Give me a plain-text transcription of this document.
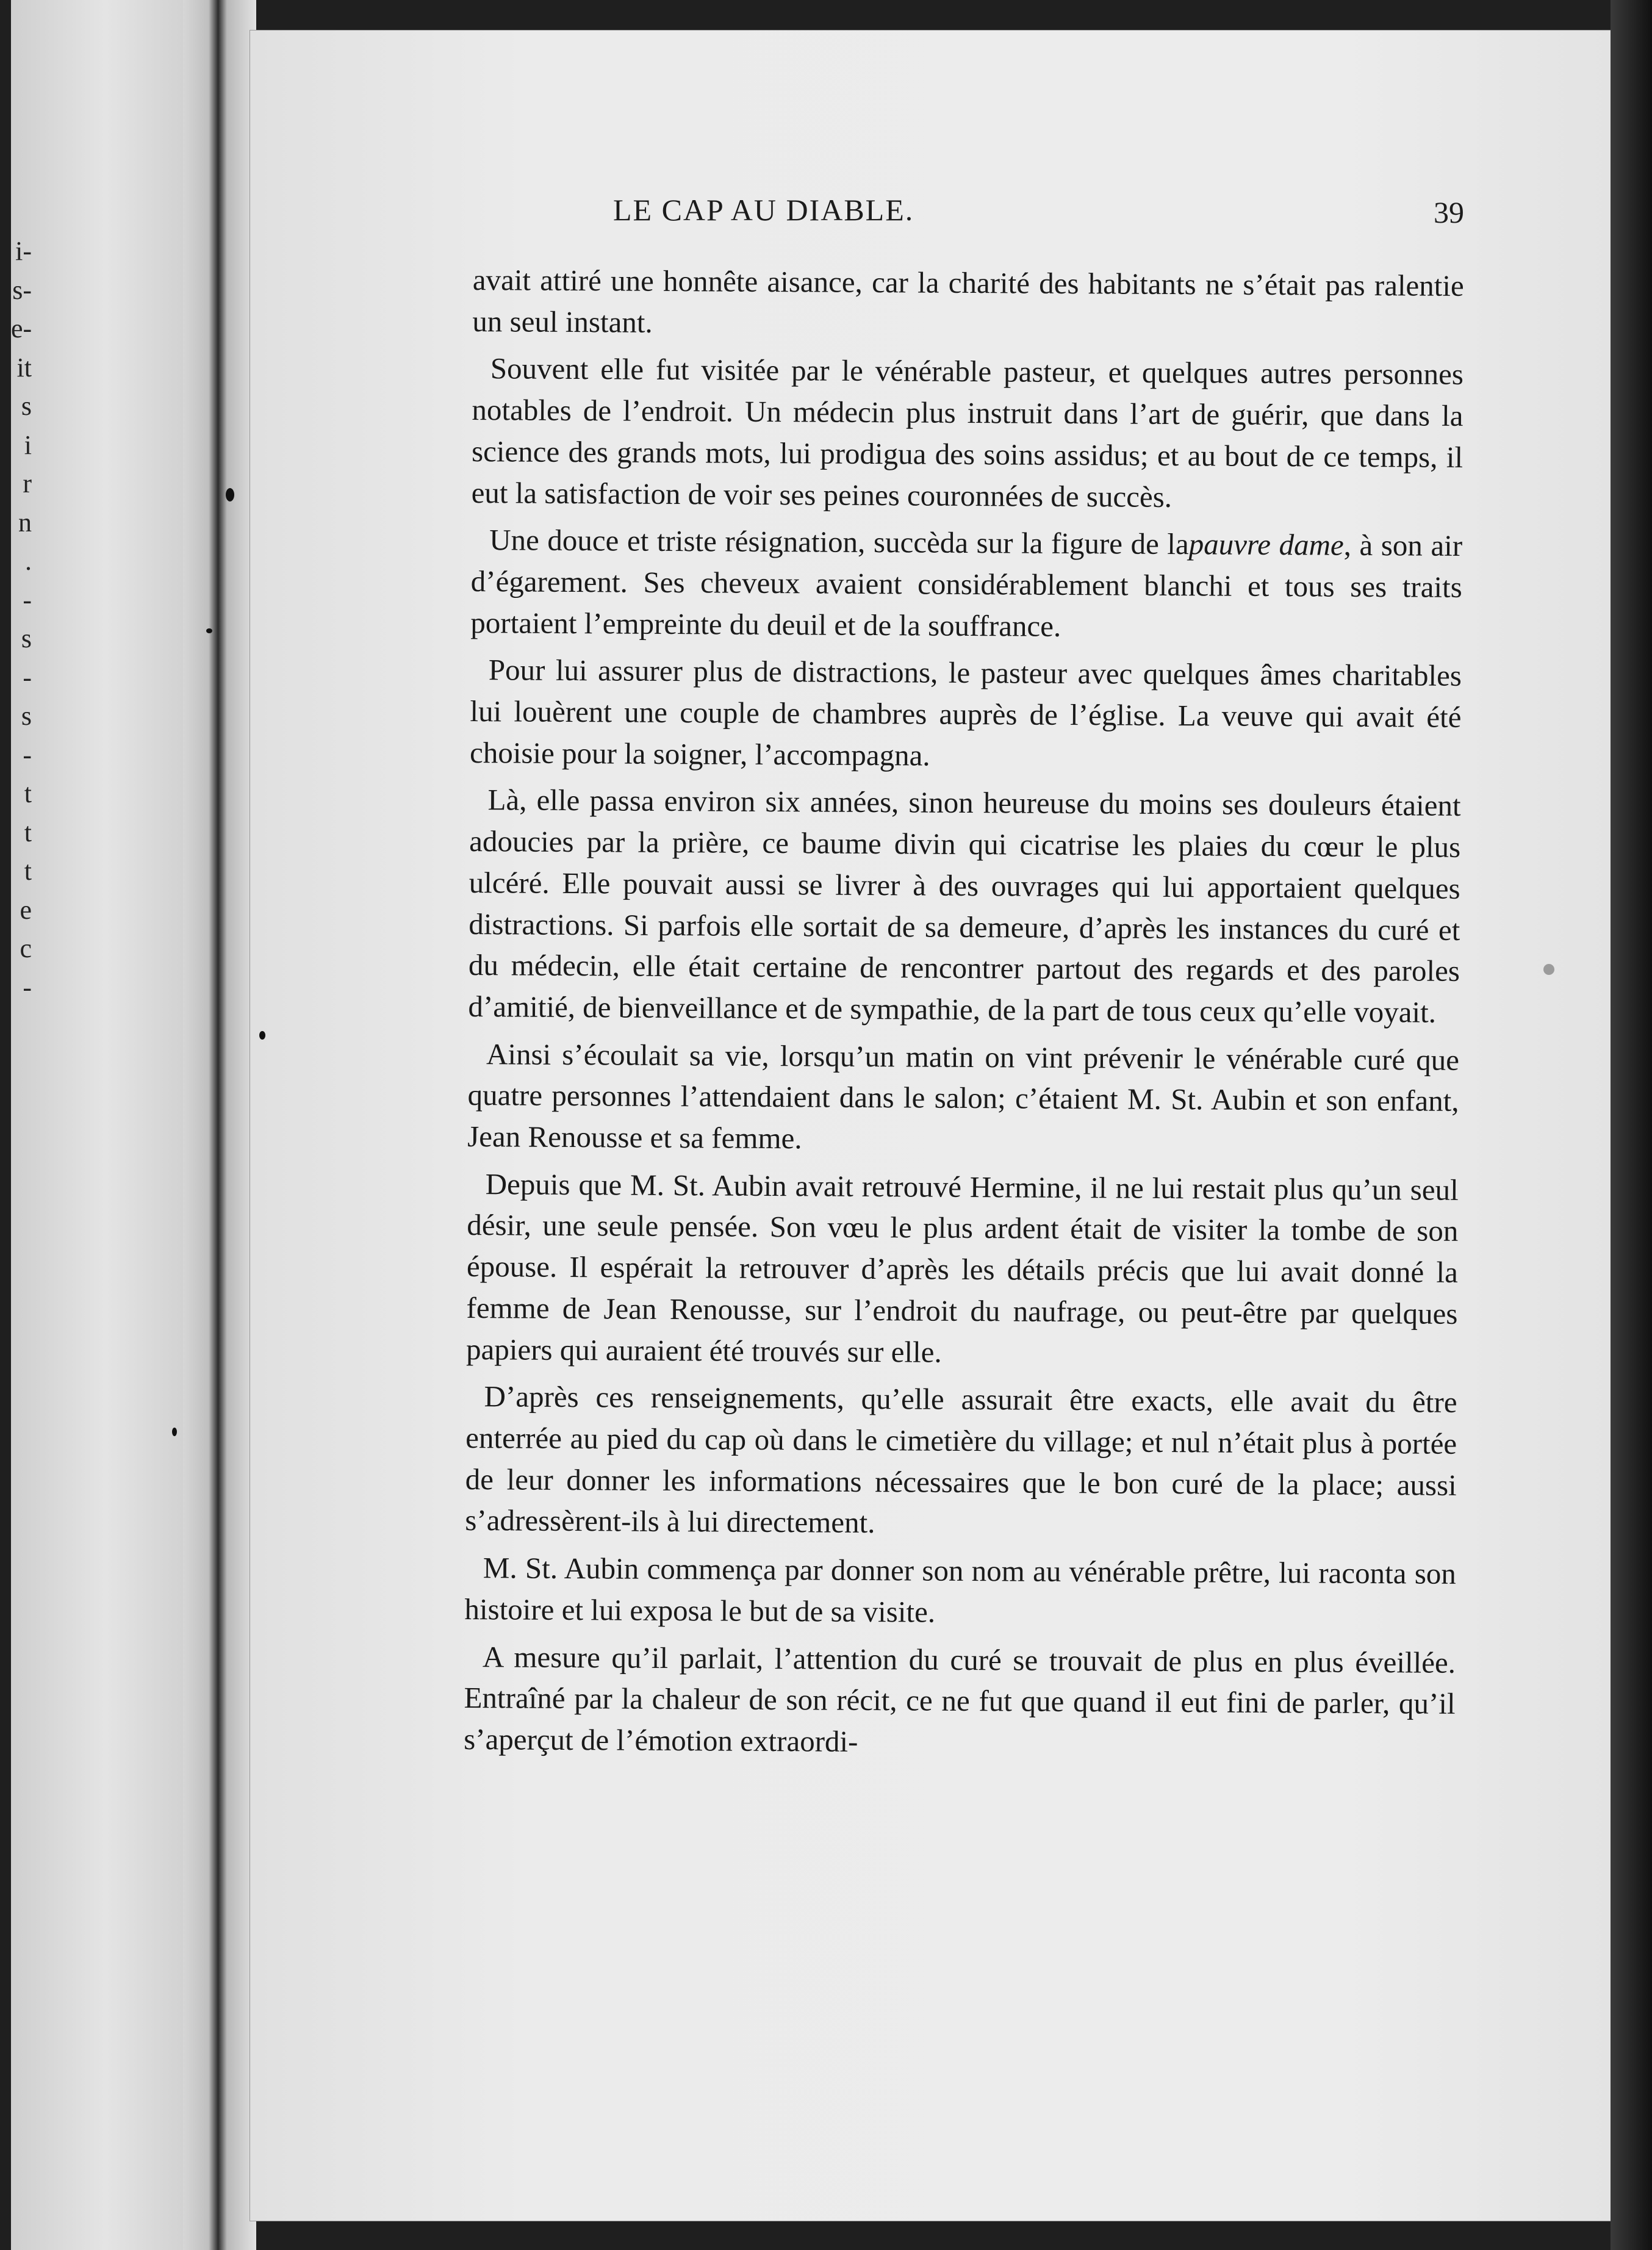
i-
s-
e-
it
s
i
r
n
.
-
s
-
s
-
t
t
t
e
c
-
LE CAP AU DIABLE.	39

avait attiré une honnête aisance, car la charité des habitants ne s’était pas ralentie un seul instant.

Souvent elle fut visitée par le vénérable pasteur, et quelques autres personnes notables de l’endroit. Un médecin plus instruit dans l’art de guérir, que dans la science des grands mots, lui prodigua des soins assidus; et au bout de ce temps, il eut la satisfaction de voir ses peines couronnées de succès.

Une douce et triste résignation, succèda sur la figure de lapauvre dame, à son air d’égarement. Ses cheveux avaient considérablement blanchi et tous ses traits portaient l’empreinte du deuil et de la souffrance.

Pour lui assurer plus de distractions, le pasteur avec quelques âmes charitables lui louèrent une couple de chambres auprès de l’église. La veuve qui avait été choisie pour la soigner, l’accompagna.

Là, elle passa environ six années, sinon heureuse du moins ses douleurs étaient adoucies par la prière, ce baume divin qui cicatrise les plaies du cœur le plus ulcéré. Elle pouvait aussi se livrer à des ouvrages qui lui apportaient quelques distractions. Si parfois elle sortait de sa demeure, d’après les instances du curé et du médecin, elle était certaine de rencontrer partout des regards et des paroles d’amitié, de bienveillance et de sympathie, de la part de tous ceux qu’elle voyait.

Ainsi s’écoulait sa vie, lorsqu’un matin on vint prévenir le vénérable curé que quatre personnes l’attendaient dans le salon; c’étaient M. St. Aubin et son enfant, Jean Renousse et sa femme.

Depuis que M. St. Aubin avait retrouvé Hermine, il ne lui restait plus qu’un seul désir, une seule pensée. Son vœu le plus ardent était de visiter la tombe de son épouse. Il espérait la retrouver d’après les détails précis que lui avait donné la femme de Jean Renousse, sur l’endroit du naufrage, ou peut-être par quelques papiers qui auraient été trouvés sur elle.

D’après ces renseignements, qu’elle assurait être exacts, elle avait du être enterrée au pied du cap où dans le cimetière du village; et nul n’était plus à portée de leur donner les informations nécessaires que le bon curé de la place; aussi s’adressèrent-ils à lui directement.

M. St. Aubin commença par donner son nom au vénérable prêtre, lui raconta son histoire et lui exposa le but de sa visite.

A mesure qu’il parlait, l’attention du curé se trouvait de plus en plus éveillée. Entraîné par la chaleur de son récit, ce ne fut que quand il eut fini de parler, qu’il s’aperçut de l’émotion extraordi-
